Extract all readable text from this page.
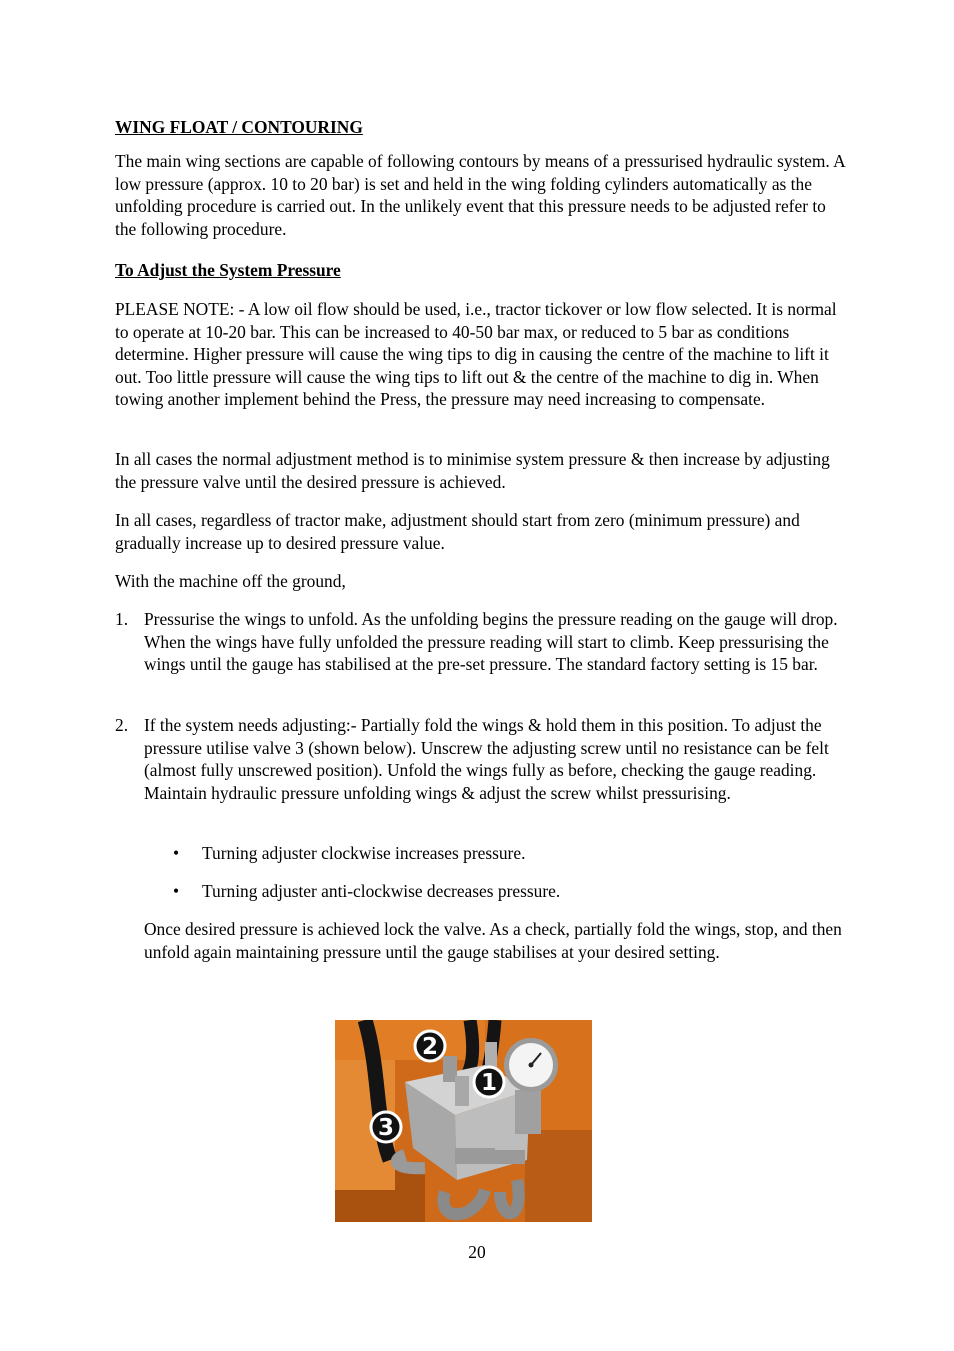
WING FLOAT / CONTOURING

The main wing sections are capable of following contours by means of a pressurised hydraulic system. A low pressure (approx. 10 to 20 bar) is set and held in the wing folding cylinders automatically as the unfolding procedure is carried out. In the unlikely event that this pressure needs to be adjusted refer to the following procedure.

To Adjust the System Pressure

PLEASE NOTE: - A low oil flow should be used, i.e., tractor tickover or low flow selected. It is normal to operate at 10-20 bar. This can be increased to 40-50 bar max, or reduced to 5 bar as conditions determine. Higher pressure will cause the wing tips to dig in causing the centre of the machine to lift it out. Too little pressure will cause the wing tips to lift out & the centre of the machine to dig in. When towing another implement behind the Press, the pressure may need increasing to compensate.

In all cases the normal adjustment method is to minimise system pressure & then increase by adjusting the pressure valve until the desired pressure is achieved.

In all cases, regardless of tractor make, adjustment should start from zero (minimum pressure) and gradually increase up to desired pressure value.

With the machine off the ground,

1. Pressurise the wings to unfold. As the unfolding begins the pressure reading on the gauge will drop. When the wings have fully unfolded the pressure reading will start to climb. Keep pressurising the wings until the gauge has stabilised at the pre-set pressure. The standard factory setting is 15 bar.

2. If the system needs adjusting:- Partially fold the wings & hold them in this position. To adjust the pressure utilise valve 3 (shown below). Unscrew the adjusting screw until no resistance can be felt (almost fully unscrewed position). Unfold the wings fully as before, checking the gauge reading. Maintain hydraulic pressure unfolding wings & adjust the screw whilst pressurising.

• Turning adjuster clockwise increases pressure.
• Turning adjuster anti-clockwise decreases pressure.

Once desired pressure is achieved lock the valve. As a check, partially fold the wings, stop, and then unfold again maintaining pressure until the gauge stabilises at your desired setting.

2
1
3
20
